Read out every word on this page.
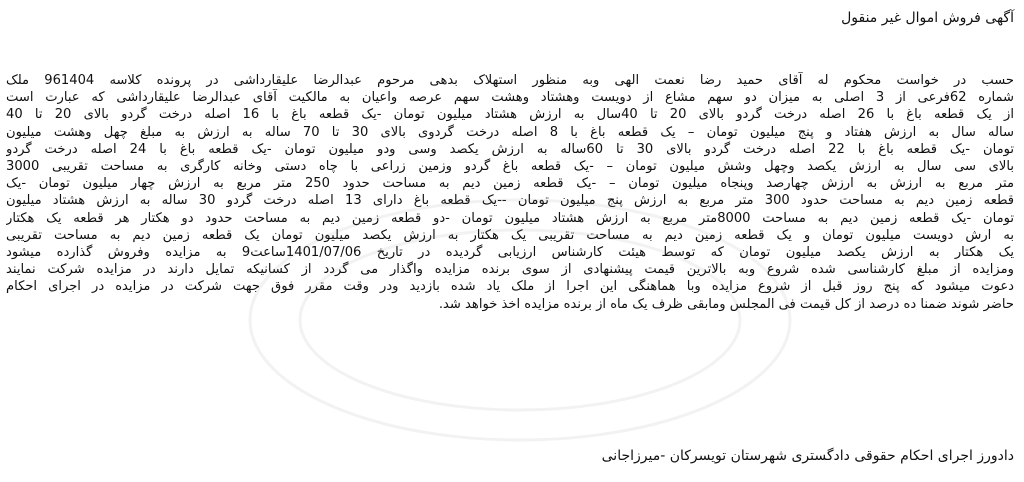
آگهی فروش اموال غیر منقول
حسب در خواست محکوم له آقای حمید رضا نعمت الهی وبه منظور استهلاک بدهی مرحوم عبدالرضا علیقارداشی در پرونده کلاسه 961404 ملک
شماره 62فرعی از 3 اصلی به میزان دو سهم مشاع از دویست وهشتاد وهشت سهم عرصه واعیان به مالکیت آقای عبدالرضا علیقارداشی که عبارت است
از یک قطعه باغ با 26 اصله درخت گردو بالای 20 تا 40سال به ارزش هشتاد میلیون تومان -یک قطعه باغ با 16 اصله درخت گردو بالای 20 تا 40
ساله سال به ارزش هفتاد و پنج میلیون تومان – یک قطعه باغ با 8 اصله درخت گردوی بالای 30 تا 70 ساله به ارزش به مبلغ چهل وهشت میلیون
تومان -یک قطعه باغ با 22 اصله درخت گردو بالای 30 تا 60ساله به ارزش یکصد وسی ودو میلیون تومان -یک قطعه باغ با 24 اصله درخت گردو
بالای سی سال به ارزش یکصد وچهل وشش میلیون تومان – -یک قطعه باغ گردو وزمین زراعی با چاه دستی وخانه کارگری به مساحت تقریبی 3000
متر مربع به ارزش به ارزش چهارصد وپنجاه میلیون تومان – -یک قطعه زمین دیم به مساحت حدود 250 متر مربع به ارزش چهار میلیون تومان -یک
قطعه زمین دیم به مساحت حدود 300 متر مربع به ارزش پنج میلیون تومان --یک قطعه باغ دارای 13 اصله درخت گردو 30 ساله به ارزش هشتاد میلیون
تومان -یک قطعه زمین دیم به مساحت 8000متر مربع به ارزش هشتاد میلیون تومان -دو قطعه زمین دیم به مساحت حدود دو هکتار هر قطعه یک هکتار
به ارش دویست میلیون تومان و یک قطعه زمین دیم به مساحت تقریبی یک هکتار به ارزش یکصد میلیون تومان یک قطعه زمین دیم به مساحت تقریبی
یک هکتار به ارزش یکصد میلیون تومان که توسط هیئت کارشناس ارزیابی گردیده در تاریخ 1401/07/06ساعت9 به مزایده وفروش گذارده میشود
ومزایده از مبلغ کارشناسی شده شروع وبه بالاترین قیمت پیشنهادی از سوی برنده مزایده واگذار می گردد از کسانیکه تمایل دارند در مزایده شرکت نمایند
دعوت میشود که پنج روز قبل از شروع مزایده وبا هماهنگی این اجرا از ملک یاد شده بازدید ودر وقت مقرر فوق جهت شرکت در مزایده در اجرای احکام
حاضر شوند ضمنا ده درصد از کل قیمت فی المجلس ومابقی ظرف یک ماه از برنده مزایده اخذ خواهد شد.
دادورز اجرای احکام حقوقی دادگستری شهرستان تویسرکان -میرزاجانی
